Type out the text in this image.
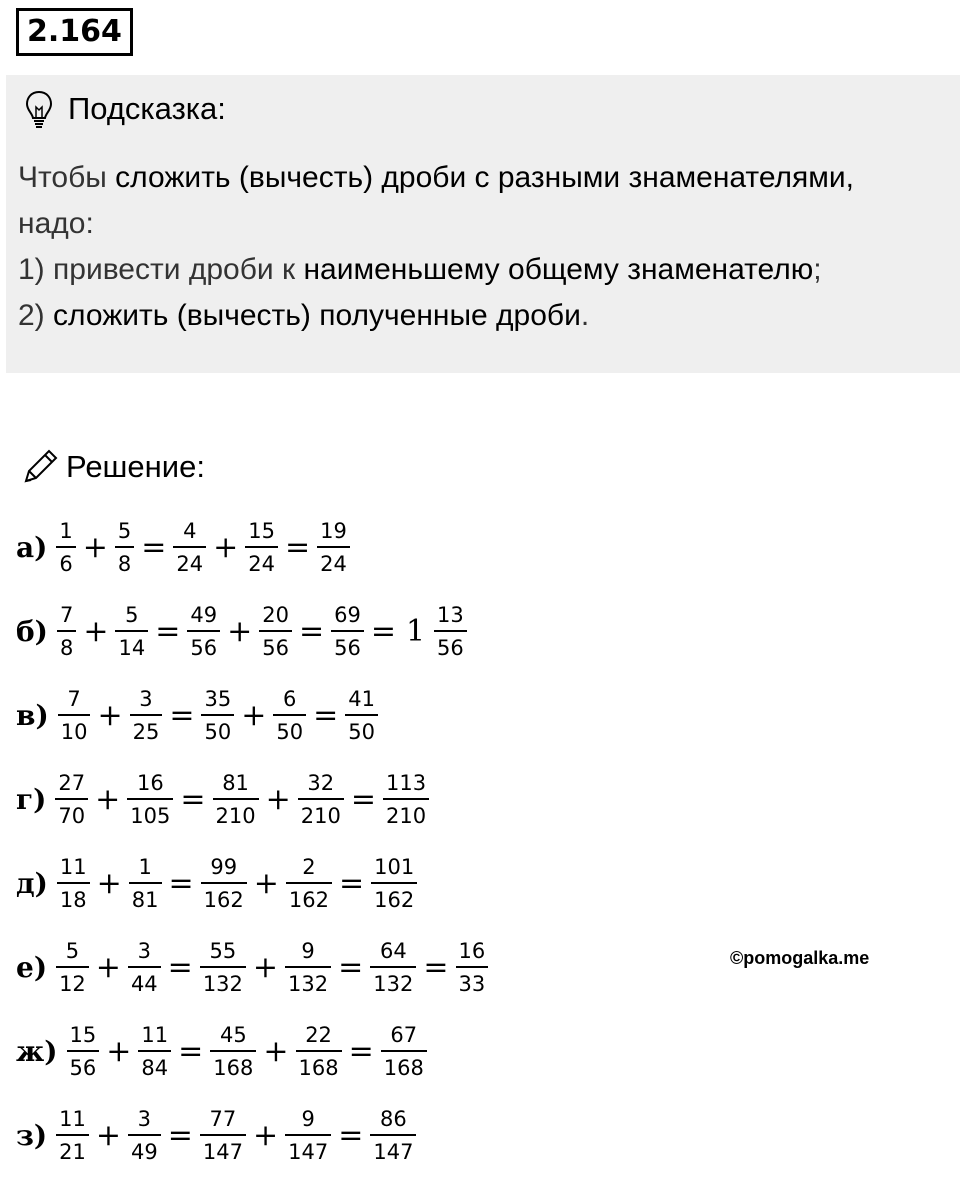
2.164
Подсказка:
Чтобы сложить (вычесть) дроби с разными знаменателями,
надо:
1) привести дроби к наименьшему общему знаменателю;
2) сложить (вычесть) полученные дроби.
Решение:
$а) \frac{1}{6} + \frac{5}{8} = \frac{4}{24} + \frac{15}{24} = \frac{19}{24}$
$б) \frac{7}{8} + \frac{5}{14} = \frac{49}{56} + \frac{20}{56} = \frac{69}{56} = 1 \frac{13}{56}$
$в) \frac{7}{10} + \frac{3}{25} = \frac{35}{50} + \frac{6}{50} = \frac{41}{50}$
$г) \frac{27}{70} + \frac{16}{105} = \frac{81}{210} + \frac{32}{210} = \frac{113}{210}$
$д) \frac{11}{18} + \frac{1}{81} = \frac{99}{162} + \frac{2}{162} = \frac{101}{162}$
$е) \frac{5}{12} + \frac{3}{44} = \frac{55}{132} + \frac{9}{132} = \frac{64}{132} = \frac{16}{33}$
$ж) \frac{15}{56} + \frac{11}{84} = \frac{45}{168} + \frac{22}{168} = \frac{67}{168}$
$з) \frac{11}{21} + \frac{3}{49} = \frac{77}{147} + \frac{9}{147} = \frac{86}{147}$
©pomogalka.me
